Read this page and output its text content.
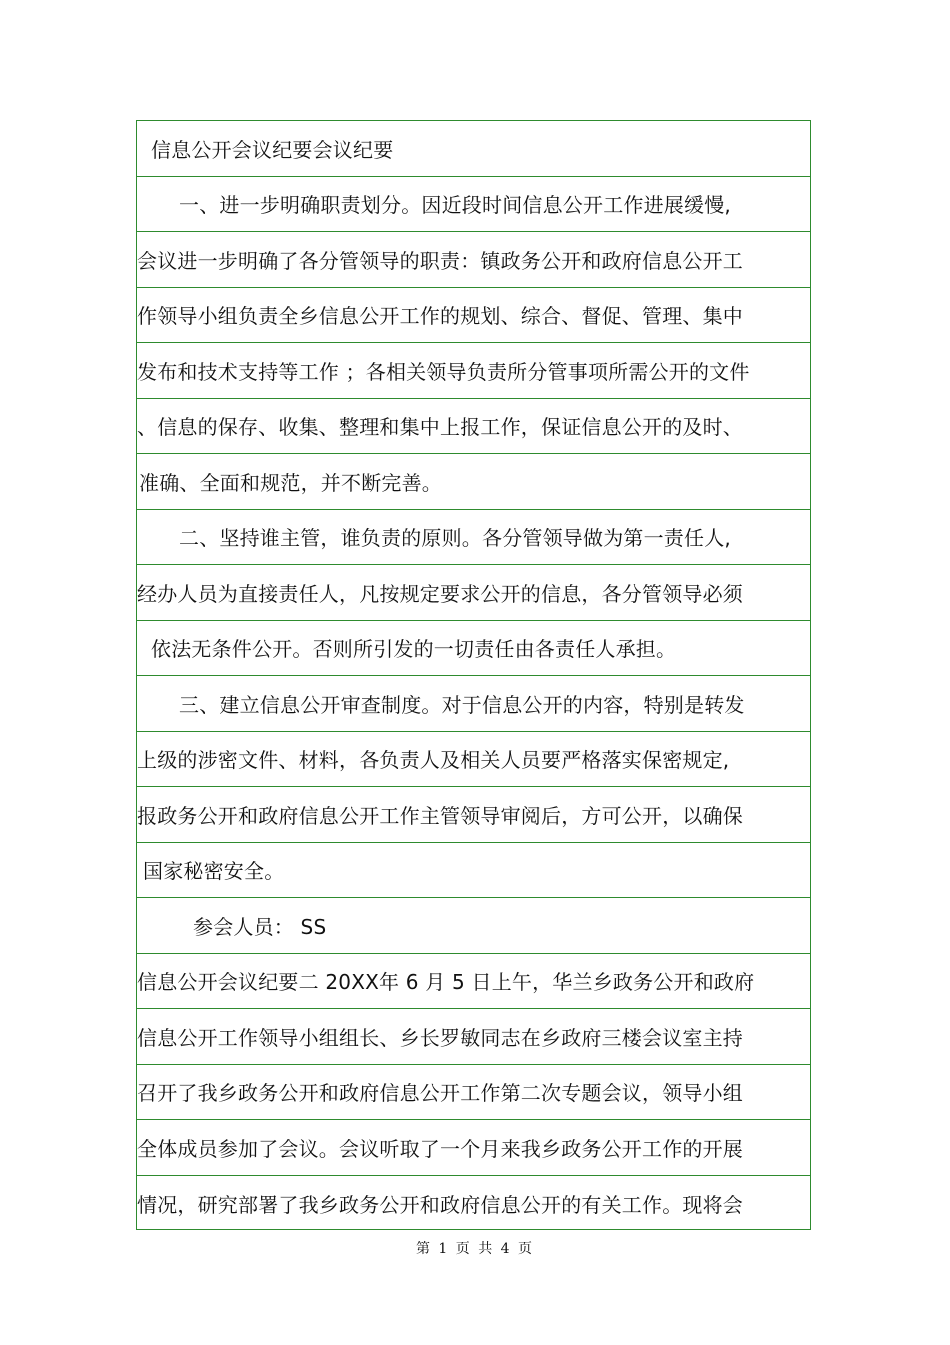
信息公开会议纪要会议纪要
一、进一步明确职责划分。因近段时间信息公开工作进展缓慢,
会议进一步明确了各分管领导的职责：镇政务公开和政府信息公开工
作领导小组负责全乡信息公开工作的规划、综合、督促、管理、集中
发布和技术支持等工作 ；各相关领导负责所分管事项所需公开的文件
、信息的保存、收集、整理和集中上报工作，保证信息公开的及时、
准确、全面和规范，并不断完善。
二、坚持谁主管，谁负责的原则。各分管领导做为第一责任人,
经办人员为直接责任人，凡按规定要求公开的信息，各分管领导必须
依法无条件公开。否则所引发的一切责任由各责任人承担。
三、建立信息公开审查制度。对于信息公开的内容，特别是转发
上级的涉密文件、材料，各负责人及相关人员要严格落实保密规定,
报政务公开和政府信息公开工作主管领导审阅后，方可公开，以确保
国家秘密安全。
参会人员： SS
信息公开会议纪要二 20XX年 6 月 5 日上午，华兰乡政务公开和政府
信息公开工作领导小组组长、乡长罗敏同志在乡政府三楼会议室主持
召开了我乡政务公开和政府信息公开工作第二次专题会议，领导小组
全体成员参加了会议。会议听取了一个月来我乡政务公开工作的开展
情况，研究部署了我乡政务公开和政府信息公开的有关工作。现将会
第 1 页 共 4 页
